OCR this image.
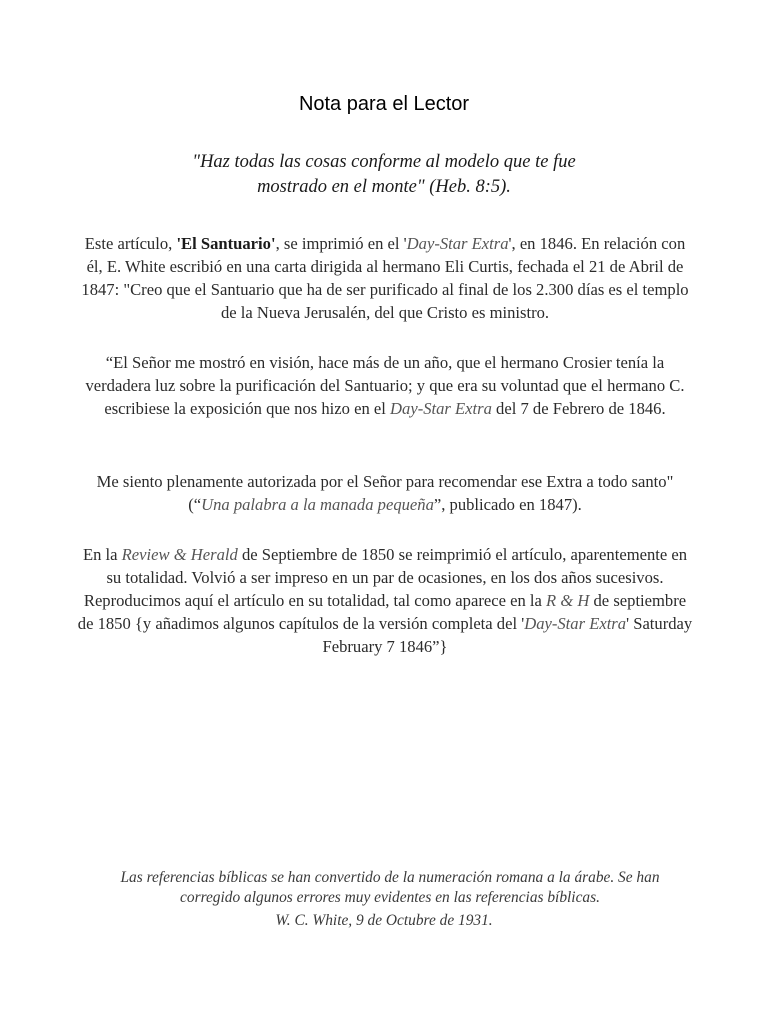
Nota para el Lector
"Haz todas las cosas conforme al modelo que te fue
mostrado en el monte" (Heb. 8:5).
Este artículo, 'El Santuario', se imprimió en el 'Day-Star Extra', en 1846. En relación con él, E. White escribió en una carta dirigida al hermano Eli Curtis, fechada el 21 de Abril de 1847: "Creo que el Santuario que ha de ser purificado al final de los 2.300 días es el templo de la Nueva Jerusalén, del que Cristo es ministro.
“El Señor me mostró en visión, hace más de un año, que el hermano Crosier tenía la verdadera luz sobre la purificación del Santuario; y que era su voluntad que el hermano C. escribiese la exposición que nos hizo en el Day-Star Extra del 7 de Febrero de 1846.
Me siento plenamente autorizada por el Señor para recomendar ese Extra a todo santo" (“Una palabra a la manada pequeña”, publicado en 1847).
En la Review & Herald de Septiembre de 1850 se reimprimió el artículo, aparentemente en su totalidad. Volvió a ser impreso en un par de ocasiones, en los dos años sucesivos. Reproducimos aquí el artículo en su totalidad, tal como aparece en la R & H de septiembre de 1850 {y añadimos algunos capítulos de la versión completa del 'Day-Star Extra' Saturday February 7 1846”}
Las referencias bíblicas se han convertido de la numeración romana a la árabe. Se han corregido algunos errores muy evidentes en las referencias bíblicas.
W. C. White, 9 de Octubre de 1931.
